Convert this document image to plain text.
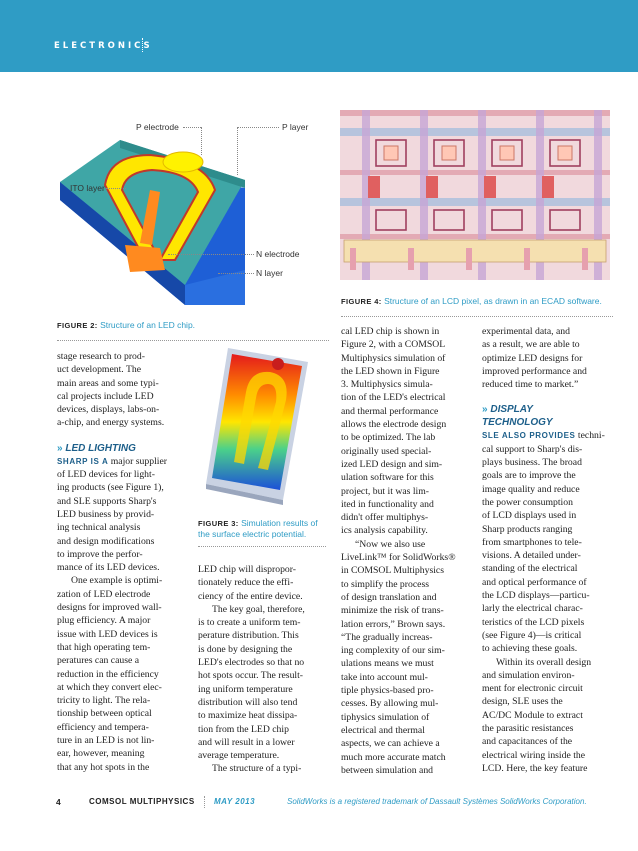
ELECTRONICS
P electrode	P layer
ITO layer
N electrode
N layer
FIGURE 2: Structure of an LED chip.
FIGURE 4: Structure of an LCD pixel, as drawn in an ECAD software.
FIGURE 3: Simulation results of
the surface electric potential.

stage research to prod-
uct development. The
main areas and some typi-
cal projects include LED
devices, displays, labs-on-
a-chip, and energy systems.

» LED LIGHTING

SHARP IS A major supplier
of LED devices for light-
ing products (see Figure 1),
and SLE supports Sharp's
LED business by provid-
ing technical analysis
and design modifications
to improve the perfor-
mance of its LED devices.

One example is optimi-
zation of LED electrode
designs for improved wall-
plug efficiency. A major
issue with LED devices is
that high operating tem-
peratures can cause a
reduction in the efficiency
at which they convert elec-
tricity to light. The rela-
tionship between optical
efficiency and tempera-
ture in an LED is not lin-
ear, however, meaning
that any hot spots in the

LED chip will dispropor-
tionately reduce the effi-
ciency of the entire device.

The key goal, therefore,
is to create a uniform tem-
perature distribution. This
is done by designing the
LED's electrodes so that no
hot spots occur. The result-
ing uniform temperature
distribution will also tend
to maximize heat dissipa-
tion from the LED chip
and will result in a lower
average temperature.

The structure of a typi-

cal LED chip is shown in
Figure 2, with a COMSOL
Multiphysics simulation of
the LED shown in Figure
3. Multiphysics simula-
tion of the LED's electrical
and thermal performance
allows the electrode design
to be optimized. The lab
originally used special-
ized LED design and sim-
ulation software for this
project, but it was lim-
ited in functionality and
didn't offer multiphys-
ics analysis capability.

“Now we also use
LiveLink™ for SolidWorks®
in COMSOL Multiphysics
to simplify the process
of design translation and
minimize the risk of trans-
lation errors,” Brown says.
“The gradually increas-
ing complexity of our sim-
ulations means we must
take into account mul-
tiple physics-based pro-
cesses. By allowing mul-
tiphysics simulation of
electrical and thermal
aspects, we can achieve a
much more accurate match
between simulation and

experimental data, and
as a result, we are able to
optimize LED designs for
improved performance and
reduced time to market.”

» DISPLAY
TECHNOLOGY

SLE ALSO PROVIDES techni-
cal support to Sharp's dis-
plays business. The broad
goals are to improve the
image quality and reduce
the power consumption
of LCD displays used in
Sharp products ranging
from smartphones to tele-
visions. A detailed under-
standing of the electrical
and optical performance of
the LCD displays—particu-
larly the electrical charac-
teristics of the LCD pixels
(see Figure 4)—is critical
to achieving these goals.

Within its overall design
and simulation environ-
ment for electronic circuit
design, SLE uses the
AC/DC Module to extract
the parasitic resistances
and capacitances of the
electrical wiring inside the
LCD. Here, the key feature

4	COMSOL MULTIPHYSICS MAY 2013	SolidWorks is a registered trademark of Dassault Systèmes SolidWorks Corporation.
